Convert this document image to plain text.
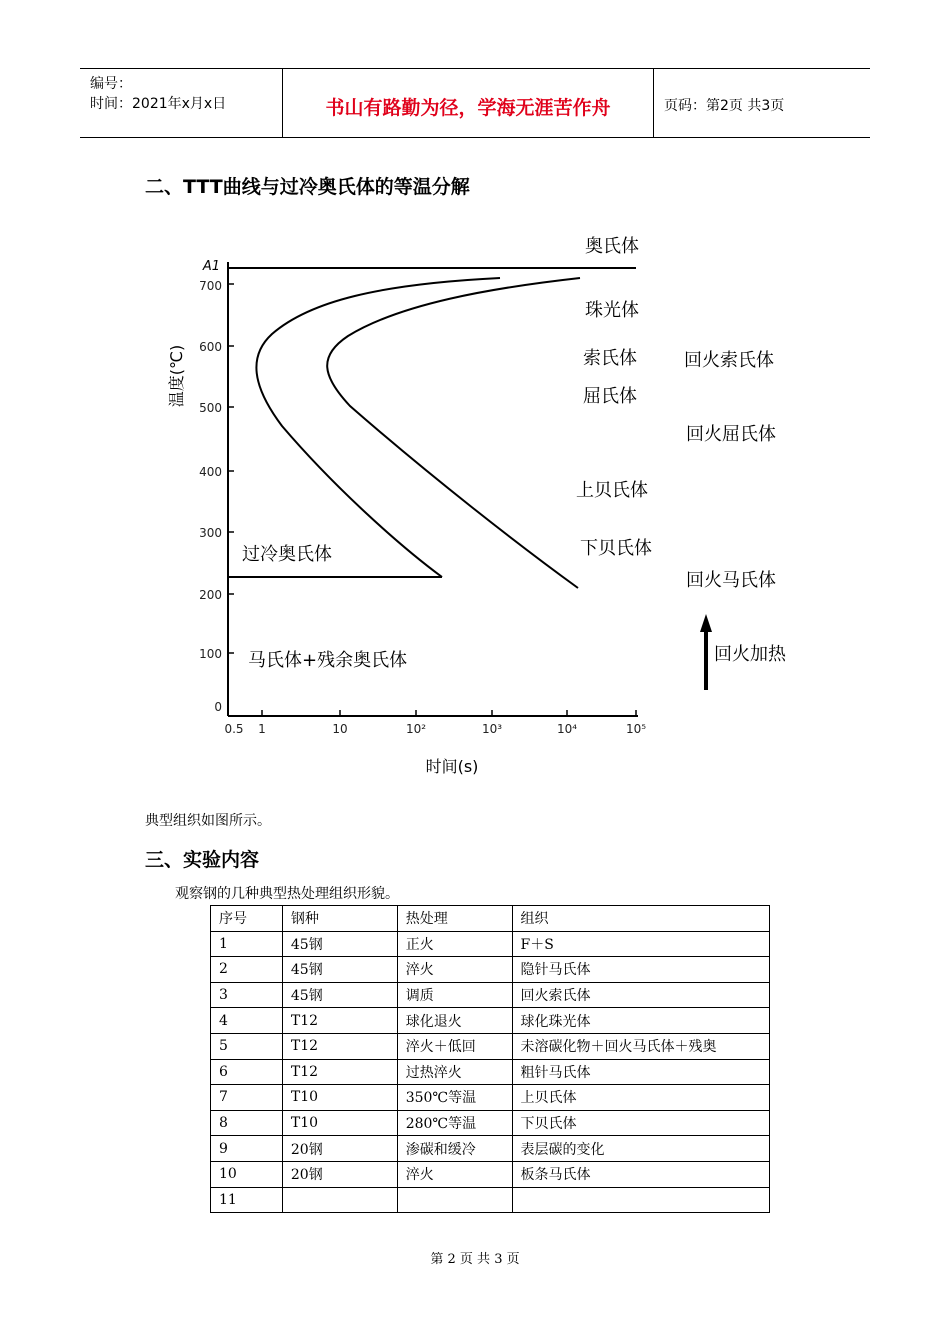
编号：
时间：2021年x月x日	书山有路勤为径，学海无涯苦作舟	页码：第2页 共3页
二、TTT曲线与过冷奥氏体的等温分解
A1
700
600
500
400
300
200
100
0
温度(℃)
0.5 1	10	10²	10³	10⁴	10⁵
时间(s)
奥氏体
珠光体
索氏体
屈氏体
上贝氏体
下贝氏体
过冷奥氏体
马氏体+残余奥氏体
回火索氏体
回火屈氏体
回火马氏体
回火加热
典型组织如图所示。
三、实验内容
观察钢的几种典型热处理组织形貌。
序号	钢种	热处理	组织
1	45钢	正火	F＋S
2	45钢	淬火	隐针马氏体
3	45钢	调质	回火索氏体
4	T12	球化退火	球化珠光体
5	T12	淬火＋低回	未溶碳化物＋回火马氏体＋残奥
6	T12	过热淬火	粗针马氏体
7	T10	350℃等温	上贝氏体
8	T10	280℃等温	下贝氏体
9	20钢	渗碳和缓冷	表层碳的变化
10	20钢	淬火	板条马氏体
11			
第 2 页 共 3 页
